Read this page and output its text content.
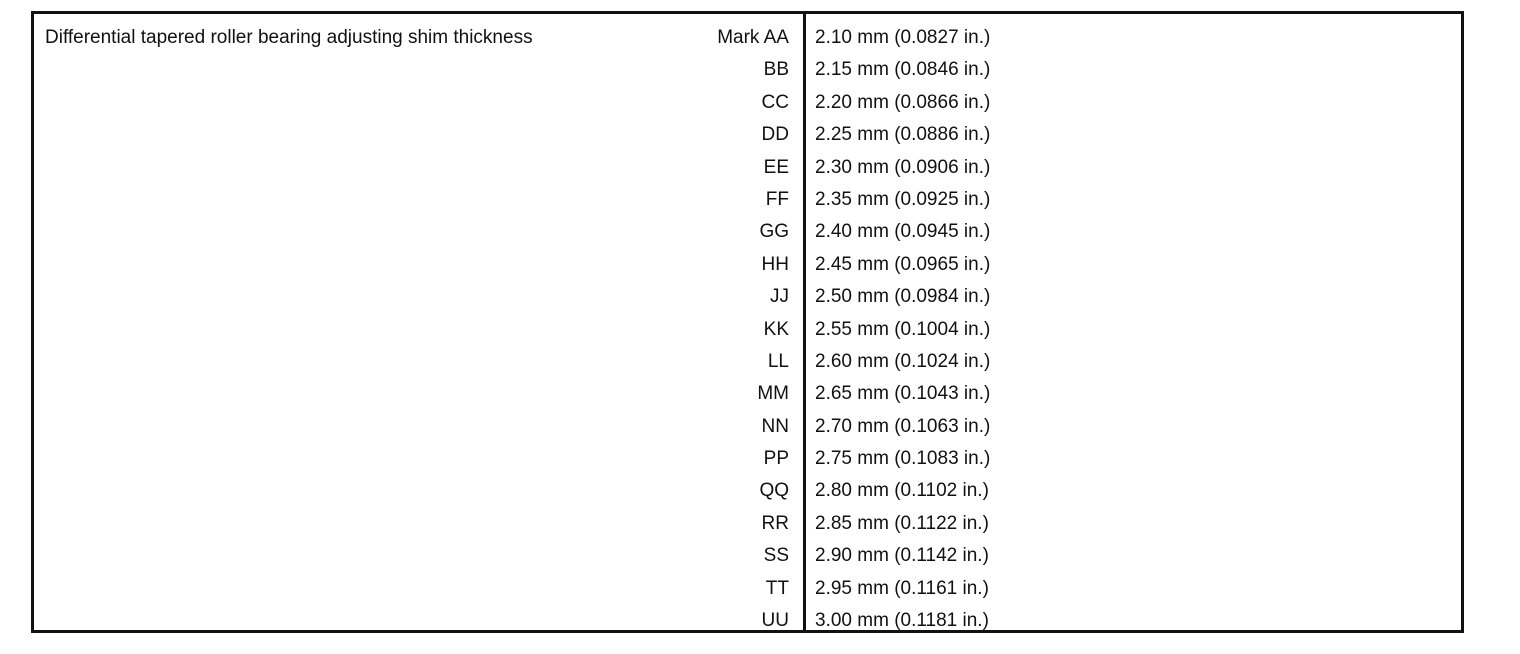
Differential tapered roller bearing adjusting shim thickness	Mark AA 2.10 mm (0.0827 in.)
BB 2.15 mm (0.0846 in.)
CC 2.20 mm (0.0866 in.)
DD 2.25 mm (0.0886 in.)
EE 2.30 mm (0.0906 in.)
FF 2.35 mm (0.0925 in.)
GG 2.40 mm (0.0945 in.)
HH 2.45 mm (0.0965 in.)
JJ 2.50 mm (0.0984 in.)
KK 2.55 mm (0.1004 in.)
LL 2.60 mm (0.1024 in.)
MM 2.65 mm (0.1043 in.)
NN 2.70 mm (0.1063 in.)
PP 2.75 mm (0.1083 in.)
QQ 2.80 mm (0.1102 in.)
RR 2.85 mm (0.1122 in.)
SS 2.90 mm (0.1142 in.)
TT 2.95 mm (0.1161 in.)
UU 3.00 mm (0.1181 in.)
